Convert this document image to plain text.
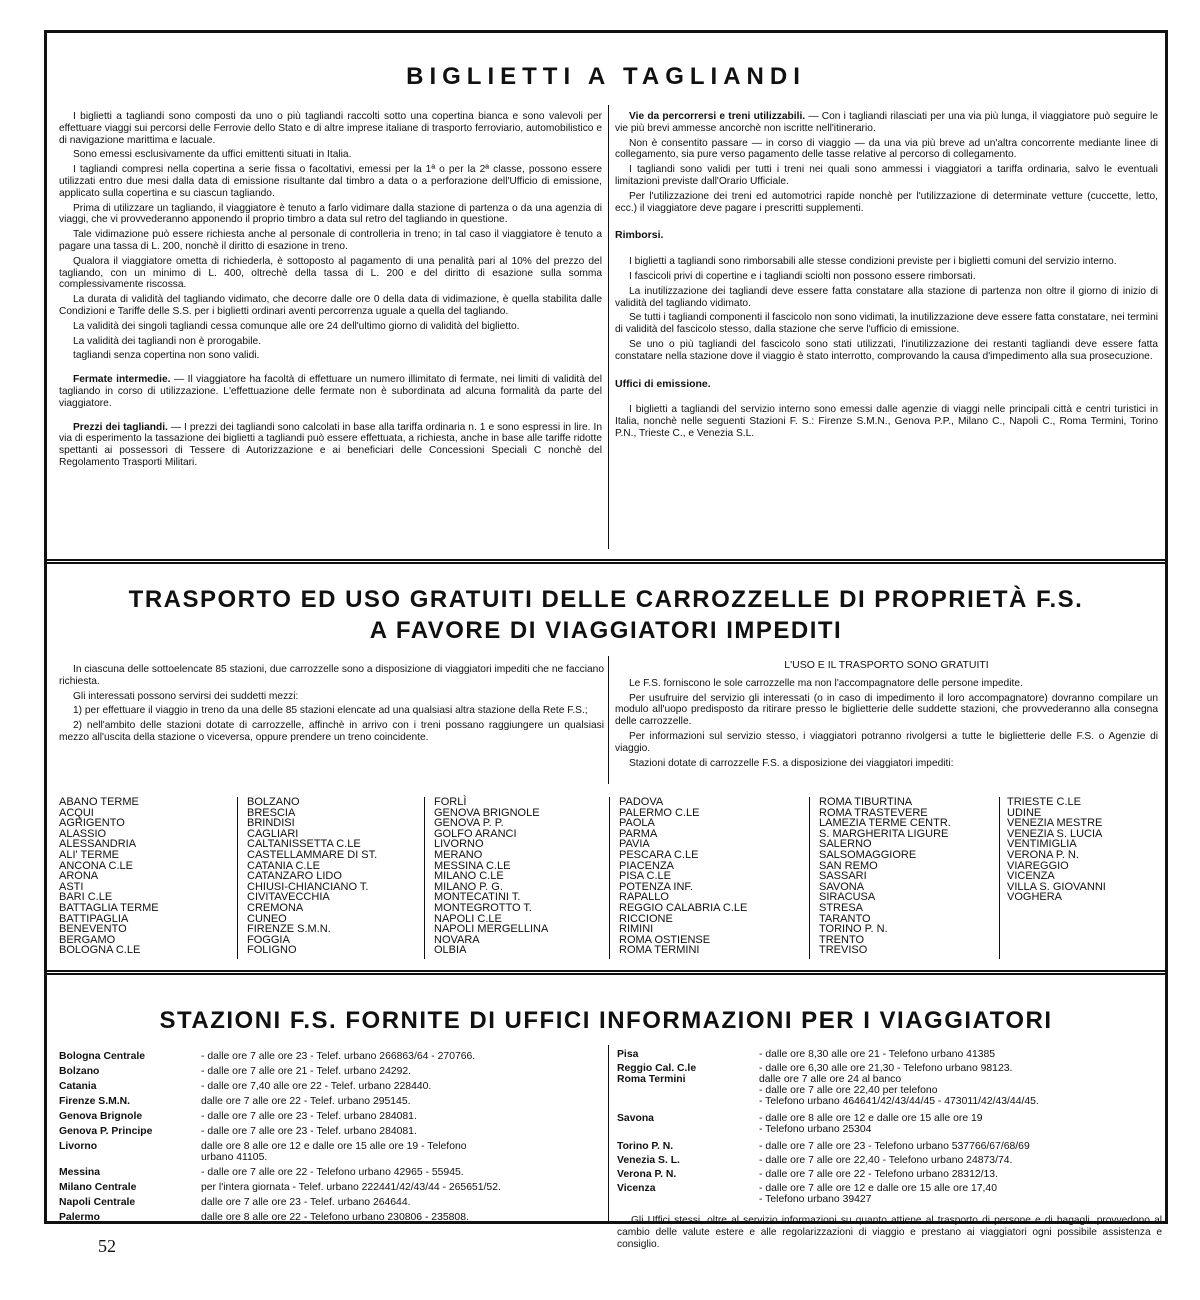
BIGLIETTI A TAGLIANDI

I biglietti a tagliandi sono composti da uno o più tagliandi raccolti sotto una copertina bianca e sono valevoli per effettuare viaggi sui percorsi delle Ferrovie dello Stato e di altre imprese italiane di trasporto ferroviario, automobilistico e di navigazione marittima e lacuale.

Sono emessi esclusivamente da uffici emittenti situati in Italia.

I tagliandi compresi nella copertina a serie fissa o facoltativi, emessi per la 1ª o per la 2ª classe, possono essere utilizzati entro due mesi dalla data di emissione risultante dal timbro a data o a perforazione dell'Ufficio di emissione, applicato sulla copertina e su ciascun tagliando.

Prima di utilizzare un tagliando, il viaggiatore è tenuto a farlo vidimare dalla stazione di partenza o da una agenzia di viaggi, che vi provvederanno apponendo il proprio timbro a data sul retro del tagliando in questione.

Tale vidimazione può essere richiesta anche al personale di controlleria in treno; in tal caso il viaggiatore è tenuto a pagare una tassa di L. 200, nonchè il diritto di esazione in treno.

Qualora il viaggiatore ometta di richiederla, è sottoposto al pagamento di una penalità pari al 10% del prezzo del tagliando, con un minimo di L. 400, oltrechè della tassa di L. 200 e del diritto di esazione sulla somma complessivamente riscossa.

La durata di validità del tagliando vidimato, che decorre dalle ore 0 della data di vidimazione, è quella stabilita dalle Condizioni e Tariffe delle S.S. per i biglietti ordinari aventi percorrenza uguale a quella del tagliando.

La validità dei singoli tagliandi cessa comunque alle ore 24 dell'ultimo giorno di validità del biglietto.

La validità dei tagliandi non è prorogabile.

tagliandi senza copertina non sono validi.

Fermate intermedie. — Il viaggiatore ha facoltà di effettuare un numero illimitato di fermate, nei limiti di validità del tagliando in corso di utilizzazione. L'effettuazione delle fermate non è subordinata ad alcuna formalità da parte del viaggiatore.

Prezzi dei tagliandi. — I prezzi dei tagliandi sono calcolati in base alla tariffa ordinaria n. 1 e sono espressi in lire. In via di esperimento la tassazione dei biglietti a tagliandi può essere effettuata, a richiesta, anche in base alle tariffe ridotte spettanti ai possessori di Tessere di Autorizzazione e ai beneficiari delle Concessioni Speciali C nonchè del Regolamento Trasporti Militari.

Vie da percorrersi e treni utilizzabili. — Con i tagliandi rilasciati per una via più lunga, il viaggiatore può seguire le vie più brevi ammesse ancorchè non iscritte nell'itinerario.

Non è consentito passare — in corso di viaggio — da una via più breve ad un'altra concorrente mediante linee di collegamento, sia pure verso pagamento delle tasse relative al percorso di collegamento.

I tagliandi sono validi per tutti i treni nei quali sono ammessi i viaggiatori a tariffa ordinaria, salvo le eventuali limitazioni previste dall'Orario Ufficiale.

Per l'utilizzazione dei treni ed automotrici rapide nonchè per l'utilizzazione di determinate vetture (cuccette, letto, ecc.) il viaggiatore deve pagare i prescritti supplementi.

Rimborsi.

I biglietti a tagliandi sono rimborsabili alle stesse condizioni previste per i biglietti comuni del servizio interno.

I fascicoli privi di copertine e i tagliandi sciolti non possono essere rimborsati.

La inutilizzazione dei tagliandi deve essere fatta constatare alla stazione di partenza non oltre il giorno di inizio di validità del tagliando vidimato.

Se tutti i tagliandi componenti il fascicolo non sono vidimati, la inutilizzazione deve essere fatta constatare, nei termini di validità del fascicolo stesso, dalla stazione che serve l'ufficio di emissione.

Se uno o più tagliandi del fascicolo sono stati utilizzati, l'inutilizzazione dei restanti tagliandi deve essere fatta constatare nella stazione dove il viaggio è stato interrotto, comprovando la causa d'impedimento alla sua prosecuzione.

Uffici di emissione.

I biglietti a tagliandi del servizio interno sono emessi dalle agenzie di viaggi nelle principali città e centri turistici in Italia, nonchè nelle seguenti Stazioni F. S.: Firenze S.M.N., Genova P.P., Milano C., Napoli C., Roma Termini, Torino P.N., Trieste C., e Venezia S.L.

TRASPORTO ED USO GRATUITI DELLE CARROZZELLE DI PROPRIETÀ F.S.
A FAVORE DI VIAGGIATORI IMPEDITI

In ciascuna delle sottoelencate 85 stazioni, due carrozzelle sono a disposizione di viaggiatori impediti che ne facciano richiesta.

Gli interessati possono servirsi dei suddetti mezzi:

1) per effettuare il viaggio in treno da una delle 85 stazioni elencate ad una qualsiasi altra stazione della Rete F.S.;

2) nell'ambito delle stazioni dotate di carrozzelle, affinchè in arrivo con i treni possano raggiungere un qualsiasi mezzo all'uscita della stazione o viceversa, oppure prendere un treno coincidente.

L'USO E IL TRASPORTO SONO GRATUITI

Le F.S. forniscono le sole carrozzelle ma non l'accompagnatore delle persone impedite.

Per usufruire del servizio gli interessati (o in caso di impedimento il loro accompagnatore) dovranno compilare un modulo all'uopo predisposto da ritirare presso le biglietterie delle suddette stazioni, che provvederanno alla consegna delle carrozzelle.

Per informazioni sul servizio stesso, i viaggiatori potranno rivolgersi a tutte le biglietterie delle F.S. o Agenzie di viaggio.

Stazioni dotate di carrozzelle F.S. a disposizione dei viaggiatori impediti:

ABANO TERME
ACQUI
AGRIGENTO
ALASSIO
ALESSANDRIA
ALI' TERME
ANCONA C.LE
ARONA
ASTI
BARI C.LE
BATTAGLIA TERME
BATTIPAGLIA
BENEVENTO
BERGAMO
BOLOGNA C.LE
BOLZANO
BRESCIA
BRINDISI
CAGLIARI
CALTANISSETTA C.LE
CASTELLAMMARE DI ST.
CATANIA C.LE
CATANZARO LIDO
CHIUSI-CHIANCIANO T.
CIVITAVECCHIA
CREMONA
CUNEO
FIRENZE S.M.N.
FOGGIA
FOLIGNO
FORLÌ
GENOVA BRIGNOLE
GENOVA P. P.
GOLFO ARANCI
LIVORNO
MERANO
MESSINA C.LE
MILANO C.LE
MILANO P. G.
MONTECATINI T.
MONTEGROTTO T.
NAPOLI C.LE
NAPOLI MERGELLINA
NOVARA
OLBIA
PADOVA
PALERMO C.LE
PAOLA
PARMA
PAVIA
PESCARA C.LE
PIACENZA
PISA C.LE
POTENZA INF.
RAPALLO
REGGIO CALABRIA C.LE
RICCIONE
RIMINI
ROMA OSTIENSE
ROMA TERMINI
ROMA TIBURTINA
ROMA TRASTEVERE
LAMEZIA TERME CENTR.
S. MARGHERITA LIGURE
SALERNO
SALSOMAGGIORE
SAN REMO
SASSARI
SAVONA
SIRACUSA
STRESA
TARANTO
TORINO P. N.
TRENTO
TREVISO
TRIESTE C.LE
UDINE
VENEZIA MESTRE
VENEZIA S. LUCIA
VENTIMIGLIA
VERONA P. N.
VIAREGGIO
VICENZA
VILLA S. GIOVANNI
VOGHERA
STAZIONI F.S. FORNITE DI UFFICI INFORMAZIONI PER I VIAGGIATORI
Bologna Centrale	- dalle ore 7 alle ore 23 - Telef. urbano 266863/64 - 270766.
Bolzano	- dalle ore 7 alle ore 21 - Telef. urbano 24292.
Catania	- dalle ore 7,40 alle ore 22 - Telef. urbano 228440.
Firenze S.M.N.	dalle ore 7 alle ore 22 - Telef. urbano 295145.
Genova Brignole	- dalle ore 7 alle ore 23 - Telef. urbano 284081.
Genova P. Principe	- dalle ore 7 alle ore 23 - Telef. urbano 284081.
Livorno	dalle ore 8 alle ore 12 e dalle ore 15 alle ore 19 - Telefono
urbano 41105.
Messina	- dalle ore 7 alle ore 22 - Telefono urbano 42965 - 55945.
Milano Centrale	per l'intera giornata - Telef. urbano 222441/42/43/44 - 265651/52.
Napoli Centrale	dalle ore 7 alle ore 23 - Telef. urbano 264644.
Palermo	dalle ore 8 alle ore 22 - Telefono urbano 230806 - 235808.
Pisa	- dalle ore 8,30 alle ore 21 - Telefono urbano 41385
Reggio Cal. C.le	- dalle ore 6,30 alle ore 21,30 - Telefono urbano 98123.
Roma Termini	dalle ore 7 alle ore 24 al banco
- dalle ore 7 alle ore 22,40 per telefono
- Telefono urbano 464641/42/43/44/45 - 473011/42/43/44/45.
Savona	- dalle ore 8 alle ore 12 e dalle ore 15 alle ore 19
- Telefono urbano 25304
Torino P. N.	- dalle ore 7 alle ore 23 - Telefono urbano 537766/67/68/69
Venezia S. L.	- dalle ore 7 alle ore 22,40 - Telefono urbano 24873/74.
Verona P. N.	- dalle ore 7 alle ore 22 - Telefono urbano 28312/13.
Vicenza	- dalle ore 7 alle ore 12 e dalle ore 15 alle ore 17,40
- Telefono urbano 39427

Gli Uffici stessi, oltre al servizio informazioni su quanto attiene al trasporto di persone e di bagagli, provvedono al cambio delle valute estere e alle regolarizzazioni di viaggio e prestano ai viaggiatori ogni possibile assistenza e consiglio.

52
